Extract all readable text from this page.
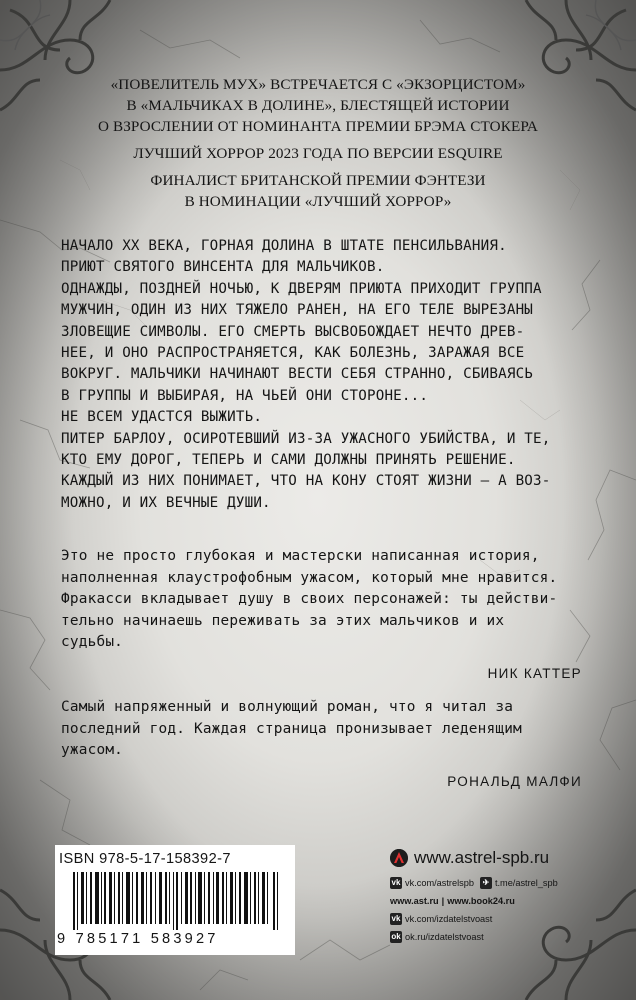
«ПОВЕЛИТЕЛЬ МУХ» ВСТРЕЧАЕТСЯ С «ЭКЗОРЦИСТОМ»
В «МАЛЬЧИКАХ В ДОЛИНЕ», БЛЕСТЯЩЕЙ ИСТОРИИ
О ВЗРОСЛЕНИИ ОТ НОМИНАНТА ПРЕМИИ БРЭМА СТОКЕРА

ЛУЧШИЙ ХОРРОР 2023 ГОДА ПО ВЕРСИИ ESQUIRE

ФИНАЛИСТ БРИТАНСКОЙ ПРЕМИИ ФЭНТЕЗИ
В НОМИНАЦИИ «ЛУЧШИЙ ХОРРОР»

НАЧАЛО XX ВЕКА, ГОРНАЯ ДОЛИНА В ШТАТЕ ПЕНСИЛЬВАНИЯ.
ПРИЮТ СВЯТОГО ВИНСЕНТА ДЛЯ МАЛЬЧИКОВ.
ОДНАЖДЫ, ПОЗДНЕЙ НОЧЬЮ, К ДВЕРЯМ ПРИЮТА ПРИХОДИТ ГРУППА
МУЖЧИН, ОДИН ИЗ НИХ ТЯЖЕЛО РАНЕН, НА ЕГО ТЕЛЕ ВЫРЕЗАНЫ
ЗЛОВЕЩИЕ СИМВОЛЫ. ЕГО СМЕРТЬ ВЫСВОБОЖДАЕТ НЕЧТО ДРЕВ-
НЕЕ, И ОНО РАСПРОСТРАНЯЕТСЯ, КАК БОЛЕЗНЬ, ЗАРАЖАЯ ВСЕ
ВОКРУГ. МАЛЬЧИКИ НАЧИНАЮТ ВЕСТИ СЕБЯ СТРАННО, СБИВАЯСЬ
В ГРУППЫ И ВЫБИРАЯ, НА ЧЬЕЙ ОНИ СТОРОНЕ...
НЕ ВСЕМ УДАСТСЯ ВЫЖИТЬ.
ПИТЕР БАРЛОУ, ОСИРОТЕВШИЙ ИЗ-ЗА УЖАСНОГО УБИЙСТВА, И ТЕ,
КТО ЕМУ ДОРОГ, ТЕПЕРЬ И САМИ ДОЛЖНЫ ПРИНЯТЬ РЕШЕНИЕ.
КАЖДЫЙ ИЗ НИХ ПОНИМАЕТ, ЧТО НА КОНУ СТОЯТ ЖИЗНИ — А ВОЗ-
МОЖНО, И ИХ ВЕЧНЫЕ ДУШИ.
Это не просто глубокая и мастерски написанная история,
наполненная клаустрофобным ужасом, который мне нравится.
Фракасси вкладывает душу в своих персонажей: ты действи-
тельно начинаешь переживать за этих мальчиков и их
судьбы.
НИК КАТТЕР
Самый напряженный и волнующий роман, что я читал за
последний год. Каждая страница пронизывает леденящим
ужасом.
РОНАЛЬД МАЛФИ
ISBN 978-5-17-158392-7
9 785171 583927
www.astrel-spb.ru
vk vk.com/astrelspb	✈ t.me/astrel_spb
www.ast.ru | www.book24.ru
vk vk.com/izdatelstvoast
ok ok.ru/izdatelstvoast
